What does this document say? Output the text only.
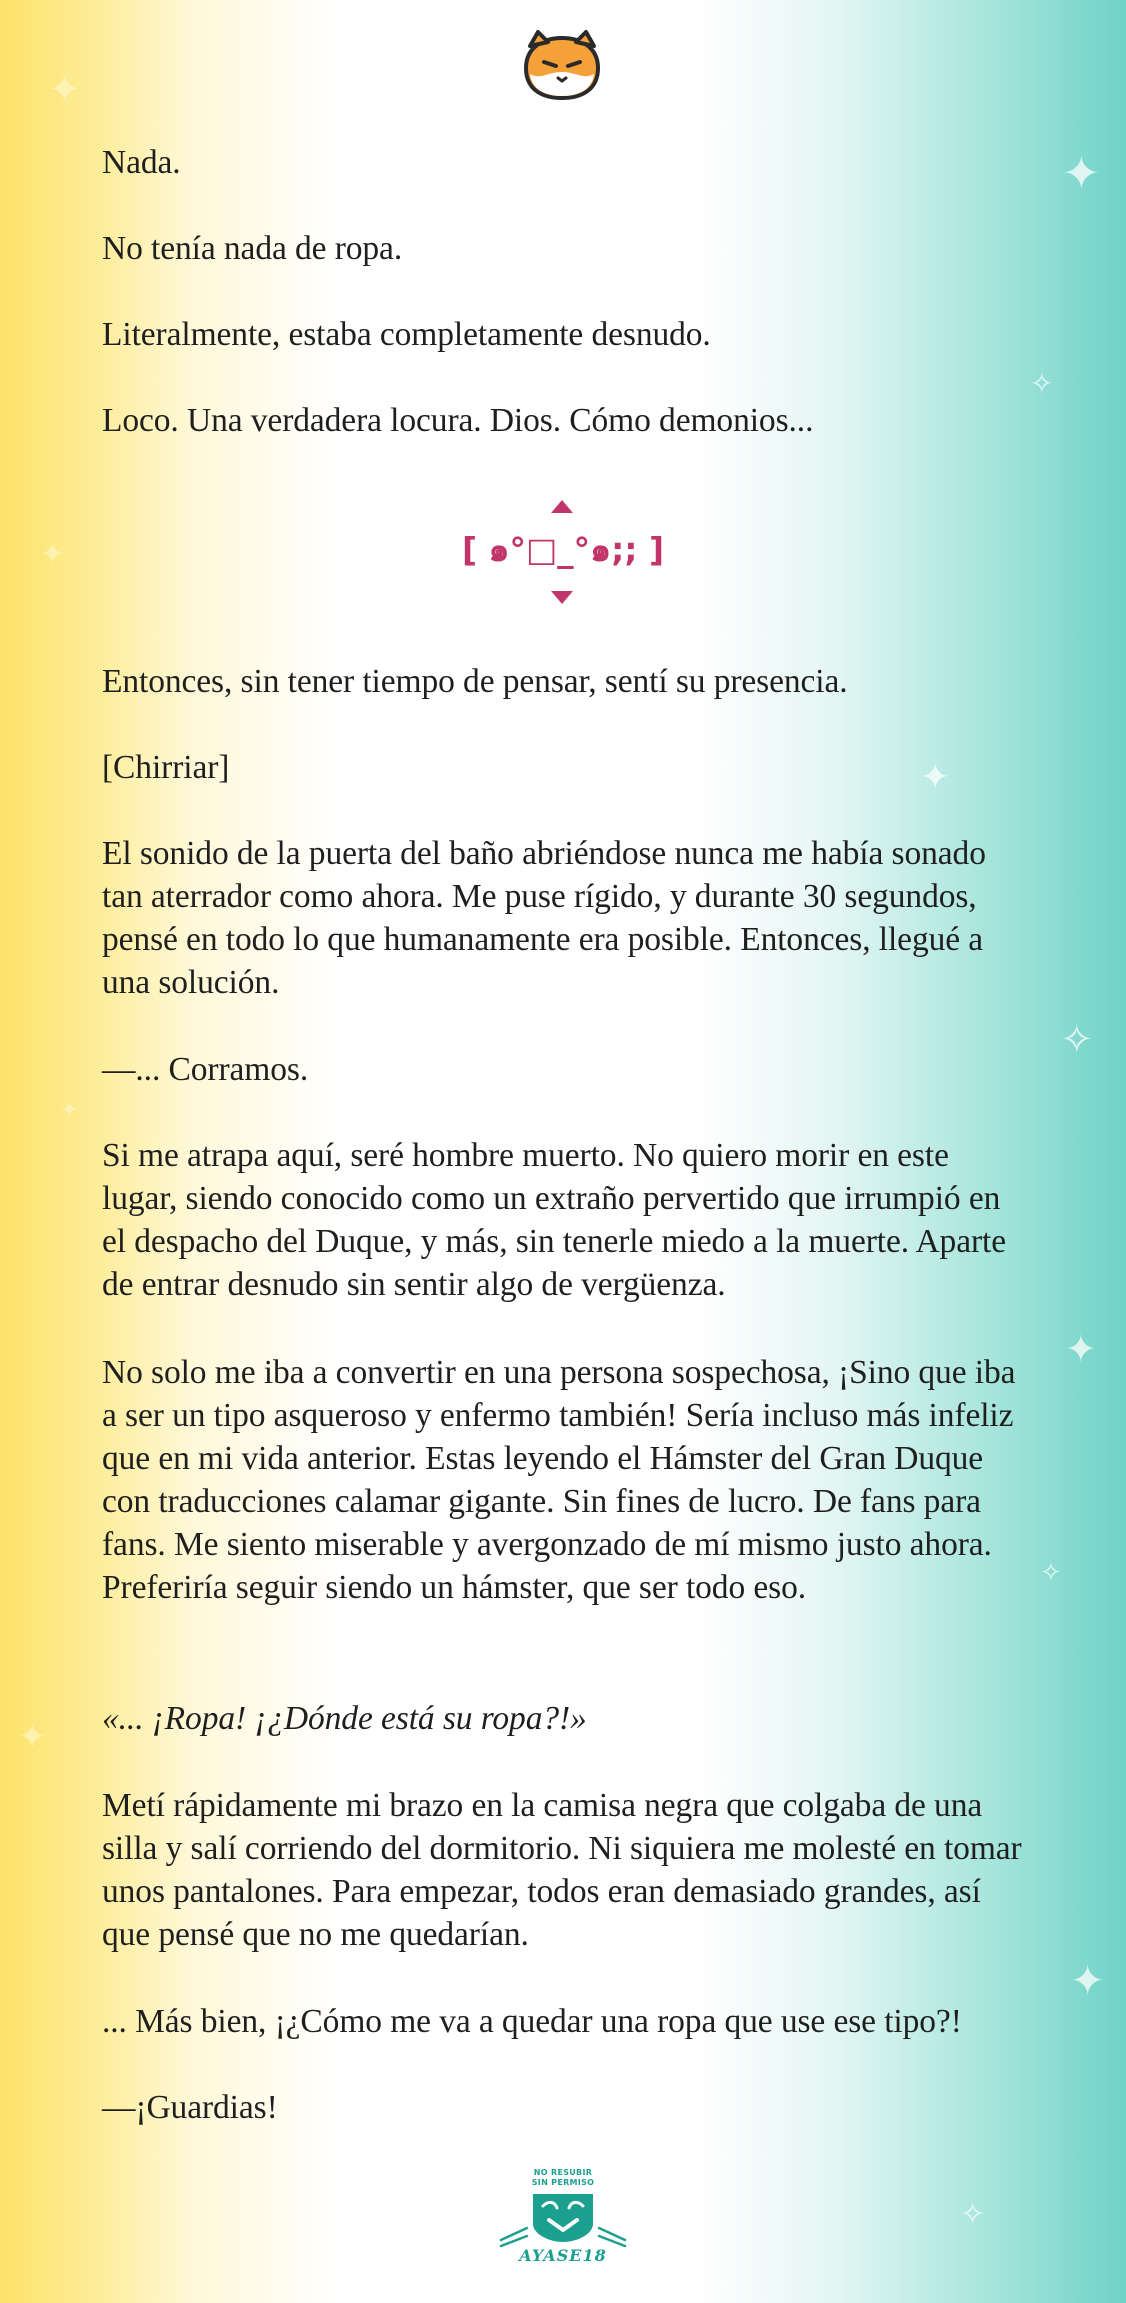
✦
✦
✦
✦
✦
✧
✦
✧
✦
✧
✦
✧

Nada.

No tenía nada de ropa.

Literalmente, estaba completamente desnudo.

Loco. Una verdadera locura. Dios. Cómo demonios...

[ ๑°□_°๑;; ]

Entonces, sin tener tiempo de pensar, sentí su presencia.

[Chirriar]

El sonido de la puerta del baño abriéndose nunca me había sonado tan aterrador como ahora. Me puse rígido, y durante 30 segundos, pensé en todo lo que humanamente era posible. Entonces, llegué a una solución.

—... Corramos.

Si me atrapa aquí, seré hombre muerto. No quiero morir en este lugar, siendo conocido como un extraño pervertido que irrumpió en el despacho del Duque, y más, sin tenerle miedo a la muerte. Aparte de entrar desnudo sin sentir algo de vergüenza.

No solo me iba a convertir en una persona sospechosa, ¡Sino que iba a ser un tipo asqueroso y enfermo también! Sería incluso más infeliz que en mi vida anterior. Estas leyendo el Hámster del Gran Duque con traducciones calamar gigante. Sin fines de lucro. De fans para fans. Me siento miserable y avergonzado de mí mismo justo ahora. Preferiría seguir siendo un hámster, que ser todo eso.

«... ¡Ropa! ¡¿Dónde está su ropa?!»

Metí rápidamente mi brazo en la camisa negra que colgaba de una silla y salí corriendo del dormitorio. Ni siquiera me molesté en tomar unos pantalones. Para empezar, todos eran demasiado grandes, así que pensé que no me quedarían.

... Más bien, ¡¿Cómo me va a quedar una ropa que use ese tipo?!

—¡Guardias!

NO RESUBIR
SIN PERMISO
AYASE18
